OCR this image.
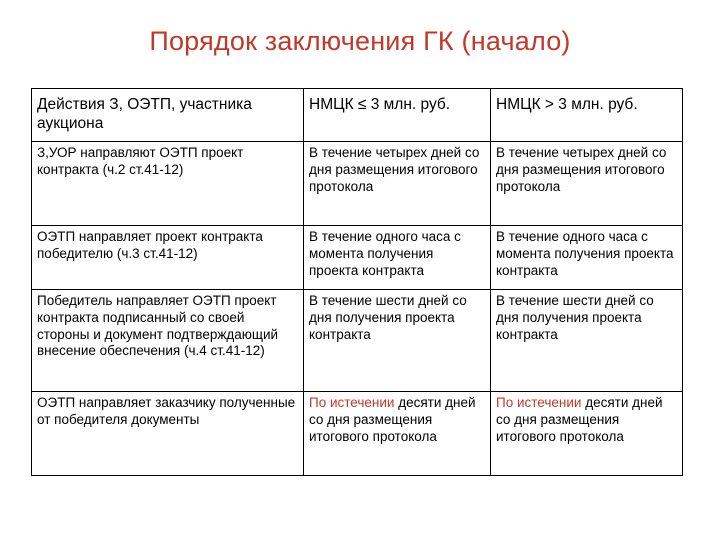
Порядок заключения ГК (начало)
Действия З, ОЭТП, участника аукциона	НМЦК ≤ 3 млн. руб.	НМЦК > 3 млн. руб.
З,УОР направляют ОЭТП проект контракта (ч.2 ст.41-12)	В течение четырех дней со дня размещения итогового протокола	В течение четырех дней со дня размещения итогового протокола
ОЭТП направляет проект контракта победителю (ч.3 ст.41-12)	В течение одного часа с момента получения проекта контракта	В течение одного часа с момента получения проекта контракта
Победитель направляет ОЭТП проект контракта подписанный со своей стороны и документ подтверждающий внесение обеспечения (ч.4 ст.41-12)	В течение шести дней со дня получения проекта контракта	В течение шести дней со дня получения проекта контракта
ОЭТП направляет заказчику полученные от победителя документы	По истечении десяти дней со дня размещения итогового протокола	По истечении десяти дней со дня размещения итогового протокола
